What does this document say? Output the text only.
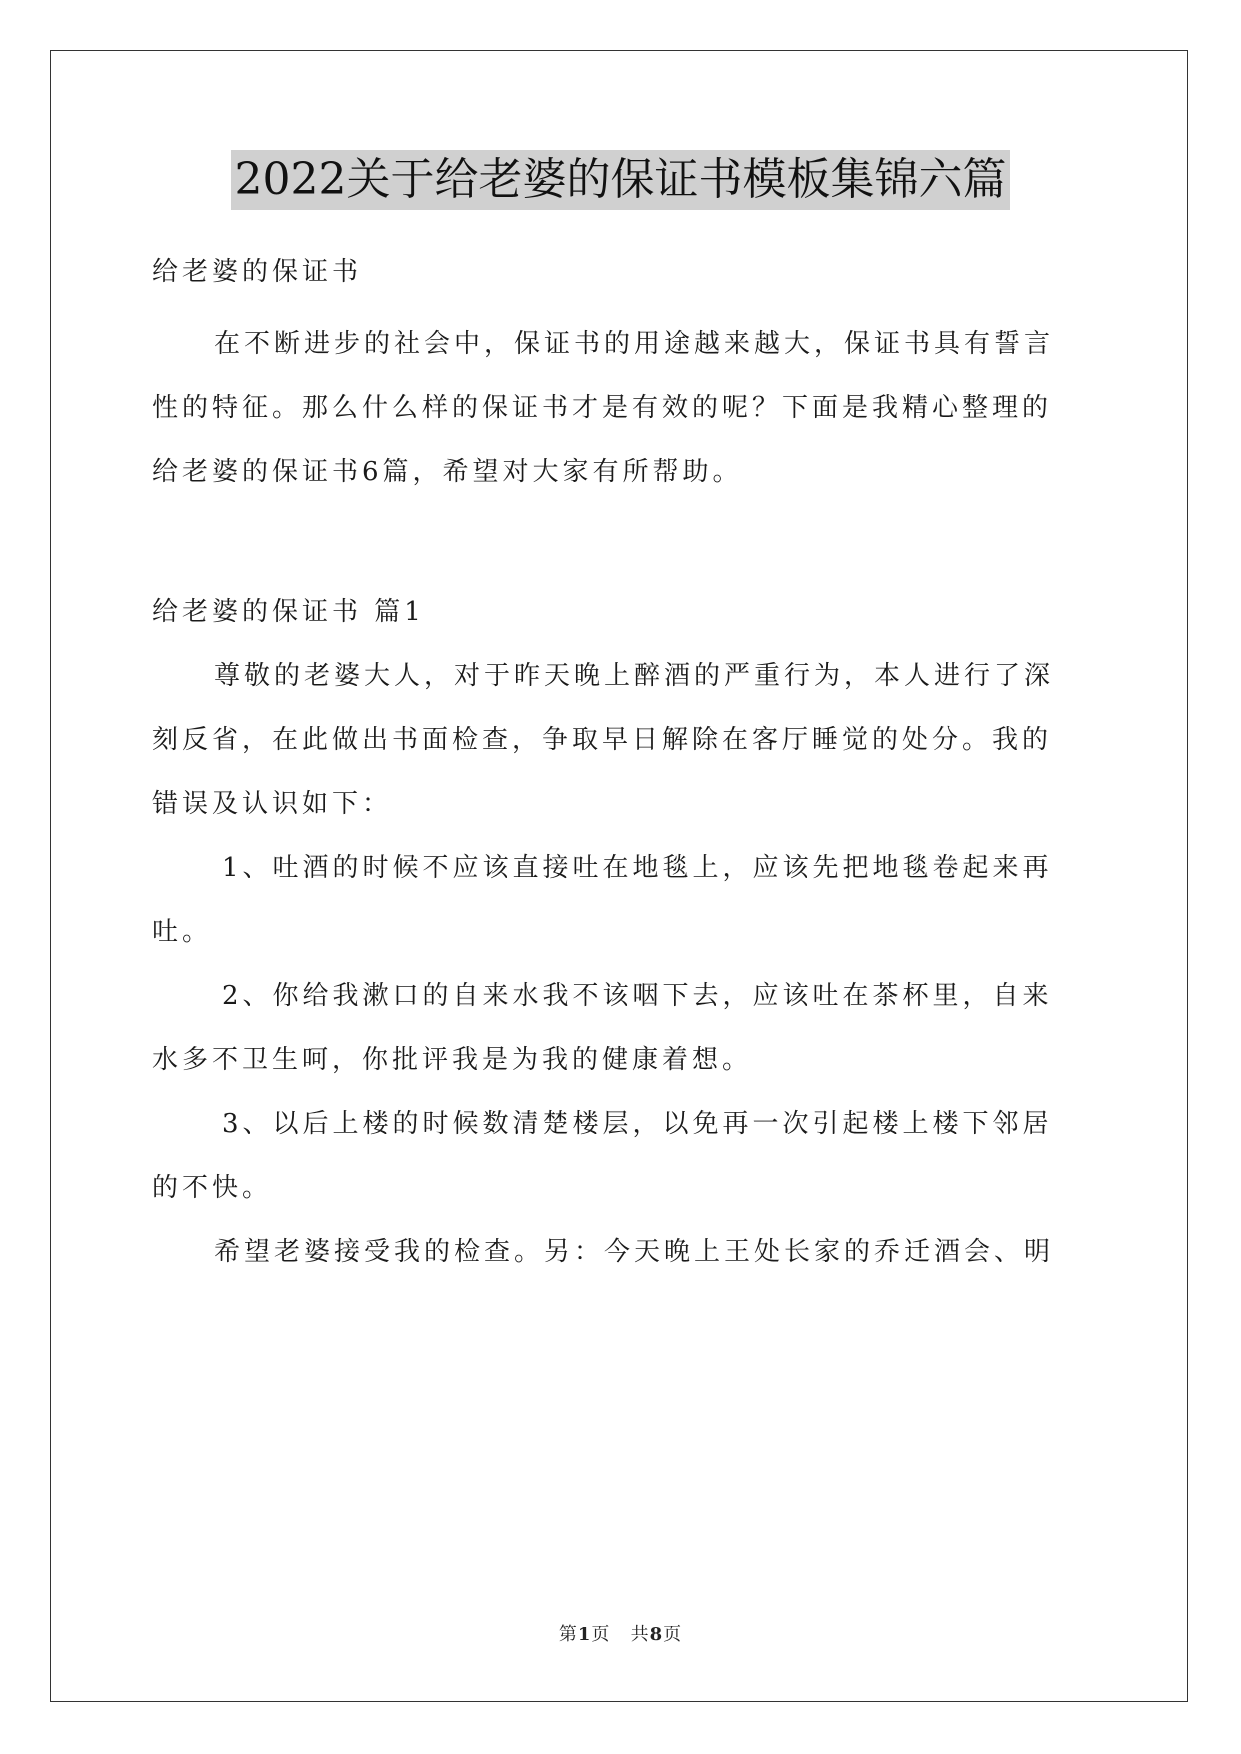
2022关于给老婆的保证书模板集锦六篇
给老婆的保证书
在不断进步的社会中，保证书的用途越来越大，保证书具有誓言
性的特征。那么什么样的保证书才是有效的呢？下面是我精心整理的
给老婆的保证书6篇，希望对大家有所帮助。
给老婆的保证书 篇1
尊敬的老婆大人，对于昨天晚上醉酒的严重行为，本人进行了深
刻反省，在此做出书面检查，争取早日解除在客厅睡觉的处分。我的
错误及认识如下：
1、吐酒的时候不应该直接吐在地毯上，应该先把地毯卷起来再
吐。
2、你给我漱口的自来水我不该咽下去，应该吐在茶杯里，自来
水多不卫生呵，你批评我是为我的健康着想。
3、以后上楼的时候数清楚楼层，以免再一次引起楼上楼下邻居
的不快。
希望老婆接受我的检查。另：今天晚上王处长家的乔迁酒会、明
第1页   共8页
